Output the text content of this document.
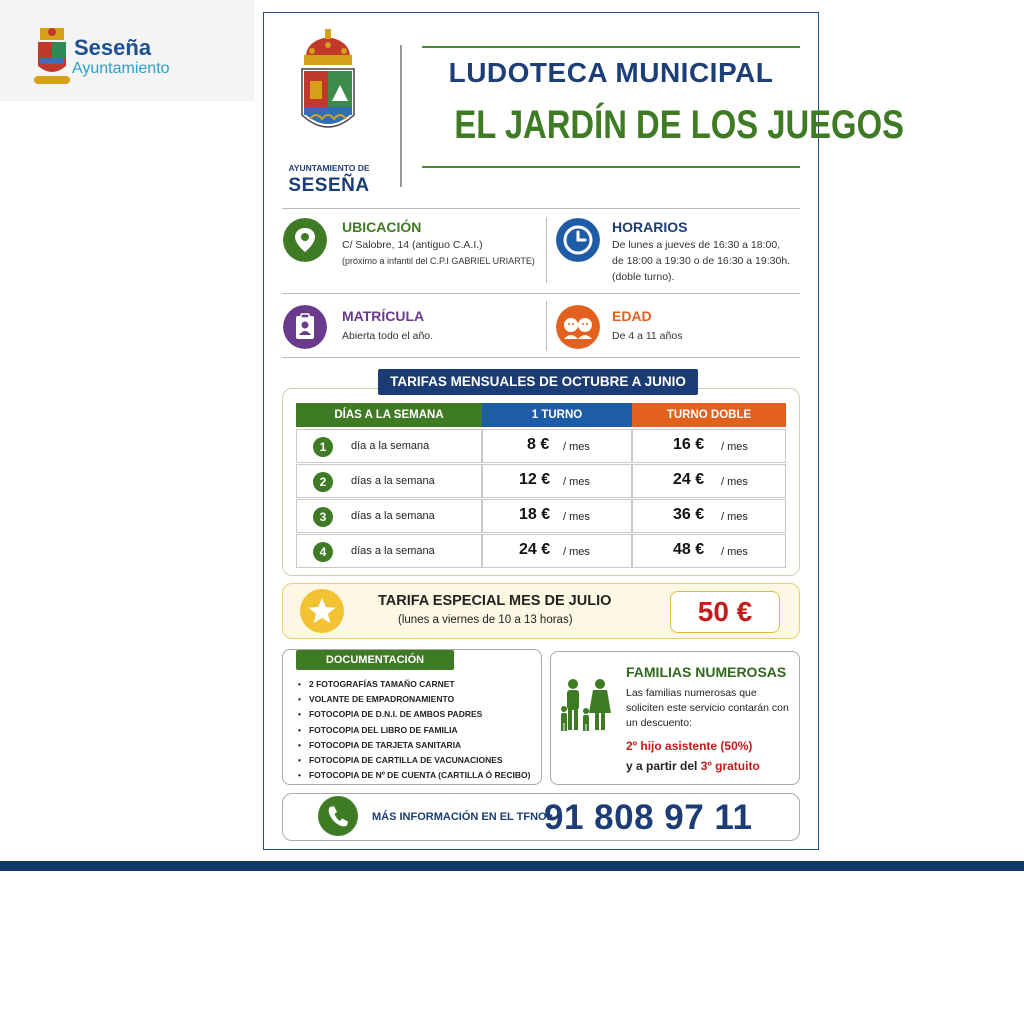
Seseña
Ayuntamiento
AYUNTAMIENTO DE
SESEÑA
LUDOTECA MUNICIPAL
EL JARDÍN DE LOS JUEGOS
UBICACIÓN
C/ Salobre, 14 (antiguo C.A.I.)
(próximo a infantil del C.P.I GABRIEL URIARTE)
HORARIOS
De lunes a jueves de 16:30 a 18:00,
de 18:00 a 19:30 o de 16:30 a 19:30h.
(doble turno).
MATRÍCULA
Abierta todo el año.
EDAD
De 4 a 11 años
TARIFAS MENSUALES DE OCTUBRE A JUNIO
DÍAS A LA SEMANA	1 TURNO	TURNO DOBLE
1	día a la semana	8 € / mes	16 € / mes
2	días a la semana	12 € / mes	24 € / mes
3	días a la semana	18 € / mes	36 € / mes
4	días a la semana	24 € / mes	48 € / mes
TARIFA ESPECIAL MES DE JULIO
(lunes a viernes de 10 a 13 horas)	50 €
DOCUMENTACIÓN
• 2 FOTOGRAFÍAS TAMAÑO CARNET
• VOLANTE DE EMPADRONAMIENTO
• FOTOCOPIA DE D.N.I. DE AMBOS PADRES
• FOTOCOPIA DEL LIBRO DE FAMILIA
• FOTOCOPIA DE TARJETA SANITARIA
• FOTOCOPIA DE CARTILLA DE VACUNACIONES
• FOTOCOPIA DE Nº DE CUENTA (CARTILLA Ó RECIBO)
FAMILIAS NUMEROSAS
Las familias numerosas que soliciten este servicio contarán con un descuento:
2º hijo asistente (50%)
y a partir del 3º gratuito
MÁS INFORMACIÓN EN EL TFNO.:
91 808 97 11
